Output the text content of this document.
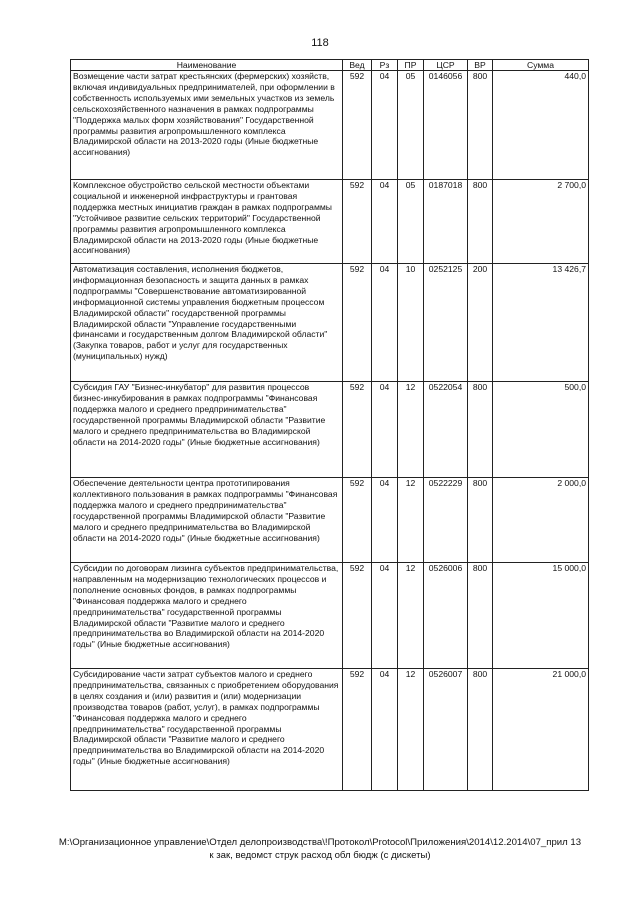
118
Наименование	Вед	Рз	ПР	ЦСР	ВР	Сумма
Возмещение части затрат крестьянских (фермерских) хозяйств, включая индивидуальных предпринимателей, при оформлении в собственность используемых ими земельных участков из земель сельскохозяйственного назначения в рамках подпрограммы "Поддержка малых форм хозяйствования" Государственной программы развития агропромышленного комплекса Владимирской области на 2013-2020 годы (Иные бюджетные ассигнования)	592	04	05	0146056	800	440,0
Комплексное обустройство сельской местности объектами социальной и инженерной инфраструктуры и грантовая поддержка местных инициатив граждан в рамках подпрограммы "Устойчивое развитие сельских территорий" Государственной программы развития агропромышленного комплекса Владимирской области на 2013-2020 годы (Иные бюджетные ассигнования)	592	04	05	0187018	800	2 700,0
Автоматизация составления, исполнения бюджетов, информационная безопасность и защита данных в рамках подпрограммы "Совершенствование автоматизированной информационной системы управления бюджетным процессом Владимирской области" государственной программы Владимирской области "Управление государственными финансами и государственным долгом Владимирской области" (Закупка товаров, работ и услуг для государственных (муниципальных) нужд)	592	04	10	0252125	200	13 426,7
Субсидия ГАУ "Бизнес-инкубатор" для развития процессов бизнес-инкубирования в рамках подпрограммы "Финансовая поддержка малого и среднего предпринимательства" государственной программы Владимирской области "Развитие малого и среднего предпринимательства во Владимирской области на 2014-2020 годы" (Иные бюджетные ассигнования)	592	04	12	0522054	800	500,0
Обеспечение деятельности центра прототипирования коллективного пользования в рамках подпрограммы "Финансовая поддержка малого и среднего предпринимательства" государственной программы Владимирской области "Развитие малого и среднего предпринимательства во Владимирской области на 2014-2020 годы" (Иные бюджетные ассигнования)	592	04	12	0522229	800	2 000,0
Субсидии по договорам лизинга субъектов предпринимательства, направленным на модернизацию технологических процессов и пополнение основных фондов, в рамках подпрограммы "Финансовая поддержка малого и среднего предпринимательства" государственной программы Владимирской области "Развитие малого и среднего предпринимательства во Владимирской области на 2014-2020 годы" (Иные бюджетные ассигнования)	592	04	12	0526006	800	15 000,0
Субсидирование части затрат субъектов малого и среднего предпринимательства, связанных с приобретением оборудования в целях создания и (или) развития и (или) модернизации производства товаров (работ, услуг), в рамках подпрограммы "Финансовая поддержка малого и среднего предпринимательства" государственной программы Владимирской области "Развитие малого и среднего предпринимательства во Владимирской области на 2014-2020 годы" (Иные бюджетные ассигнования)	592	04	12	0526007	800	21 000,0
М:\Организационное управление\Отдел делопроизводства\!Протокол\Protocol\Приложения\2014\12.2014\07_прил 13
к зак, ведомст струк расход обл бюдж (с дискеты)
